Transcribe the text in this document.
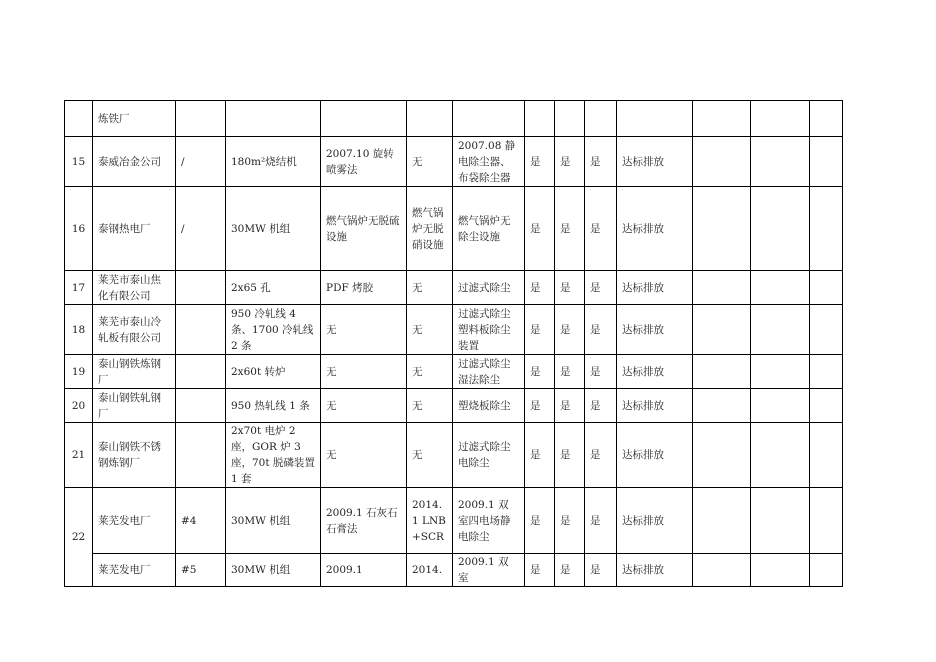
	炼铁厂												
15	泰威冶金公司	/	180m²烧结机	2007.10 旋转喷雾法	无	2007.08 静电除尘器、布袋除尘器	是	是	是	达标排放			
16	泰钢热电厂	/	30MW 机组	燃气锅炉无脱硫设施	燃气锅炉无脱硝设施	燃气锅炉无除尘设施	是	是	是	达标排放			
17	莱芜市泰山焦化有限公司		2x65 孔	PDF 烤胶	无	过滤式除尘	是	是	是	达标排放			
18	莱芜市泰山冷轧板有限公司		950 冷轧线 4 条、1700 冷轧线 2 条	无	无	过滤式除尘塑料板除尘装置	是	是	是	达标排放			
19	泰山钢铁炼钢厂		2x60t 转炉	无	无	过滤式除尘湿法除尘	是	是	是	达标排放			
20	泰山钢铁轧钢厂		950 热轧线 1 条	无	无	塑烧板除尘	是	是	是	达标排放			
21	泰山钢铁不锈钢炼钢厂		2x70t 电炉 2 座，GOR 炉 3 座，70t 脱磷装置 1 套	无	无	过滤式除尘电除尘	是	是	是	达标排放			
22	莱芜发电厂	#4	30MW 机组	2009.1 石灰石石膏法	2014.1 LNB+SCR	2009.1 双室四电场静电除尘	是	是	是	达标排放			
	莱芜发电厂	#5	30MW 机组	2009.1	2014.	2009.1 双室	是	是	是	达标排放			
